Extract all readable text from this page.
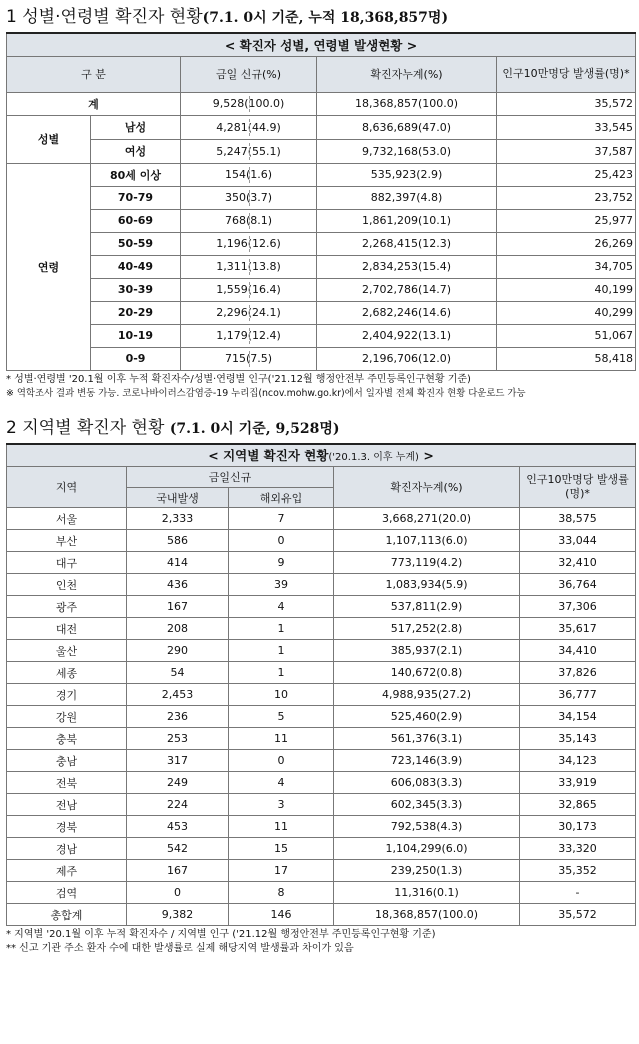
1 성별·연령별 확진자 현황(7.1. 0시 기준, 누적 18,368,857명)
< 확진자 성별, 연령별 발생현황 >				
구 분		금일 신규(%)	확진자누계(%)	인구10만명당 발생률(명)*
계		9,528(100.0)	18,368,857(100.0)	35,572
성별	남성	4,281(44.9)	8,636,689(47.0)	33,545
	여성	5,247(55.1)	9,732,168(53.0)	37,587
연령	80세 이상	154(1.6)	535,923(2.9)	25,423
	70-79	350(3.7)	882,397(4.8)	23,752
	60-69	768(8.1)	1,861,209(10.1)	25,977
	50-59	1,196(12.6)	2,268,415(12.3)	26,269
	40-49	1,311(13.8)	2,834,253(15.4)	34,705
	30-39	1,559(16.4)	2,702,786(14.7)	40,199
	20-29	2,296(24.1)	2,682,246(14.6)	40,299
	10-19	1,179(12.4)	2,404,922(13.1)	51,067
	0-9	715(7.5)	2,196,706(12.0)	58,418
* 성별·연령별 '20.1월 이후 누적 확진자수/성별·연령별 인구('21.12월 행정안전부 주민등록인구현황 기준)
※ 역학조사 결과 변동 가능. 코로나바이러스감염증-19 누리집(ncov.mohw.go.kr)에서 일자별 전체 확진자 현황 다운로드 가능
2 지역별 확진자 현황 (7.1. 0시 기준, 9,528명)
< 지역별 확진자 현황('20.1.3. 이후 누계) >				
지역	금일신규		확진자누계(%)	인구10만명당 발생률(명)*
	국내발생	해외유입		
서울	2,333	7	3,668,271(20.0)	38,575
부산	586	0	1,107,113(6.0)	33,044
대구	414	9	773,119(4.2)	32,410
인천	436	39	1,083,934(5.9)	36,764
광주	167	4	537,811(2.9)	37,306
대전	208	1	517,252(2.8)	35,617
울산	290	1	385,937(2.1)	34,410
세종	54	1	140,672(0.8)	37,826
경기	2,453	10	4,988,935(27.2)	36,777
강원	236	5	525,460(2.9)	34,154
충북	253	11	561,376(3.1)	35,143
충남	317	0	723,146(3.9)	34,123
전북	249	4	606,083(3.3)	33,919
전남	224	3	602,345(3.3)	32,865
경북	453	11	792,538(4.3)	30,173
경남	542	15	1,104,299(6.0)	33,320
제주	167	17	239,250(1.3)	35,352
검역	0	8	11,316(0.1)	-
총합계	9,382	146	18,368,857(100.0)	35,572
* 지역별 '20.1월 이후 누적 확진자수 / 지역별 인구 ('21.12월 행정안전부 주민등록인구현황 기준)
** 신고 기관 주소 환자 수에 대한 발생률로 실제 해당지역 발생률과 차이가 있음
